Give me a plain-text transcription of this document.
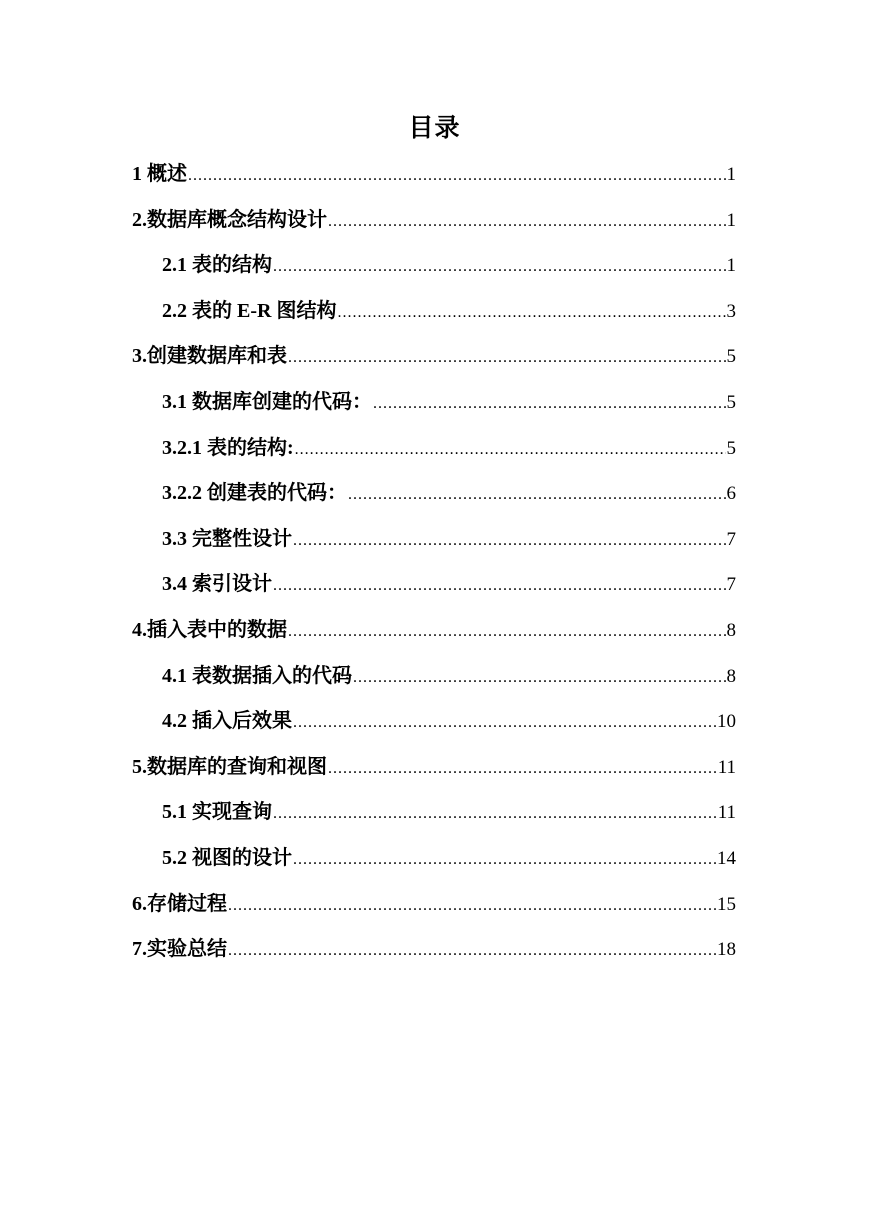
目录
1 概述 .....	1
2.数据库概念结构设计 .....	1
2.1 表的结构 .....	1
2.2 表的 E-R 图结构 .....	3
3.创建数据库和表 .....	5
3.1 数据库创建的代码： .....	5
3.2.1 表的结构: .....	5
3.2.2 创建表的代码： .....	6
3.3 完整性设计 .....	7
3.4 索引设计 .....	7
4.插入表中的数据 .....	8
4.1 表数据插入的代码 .....	8
4.2 插入后效果 .....	10
5.数据库的查询和视图 .....	11
5.1 实现查询 .....	11
5.2 视图的设计 .....	14
6.存储过程 .....	15
7.实验总结 .....	18
